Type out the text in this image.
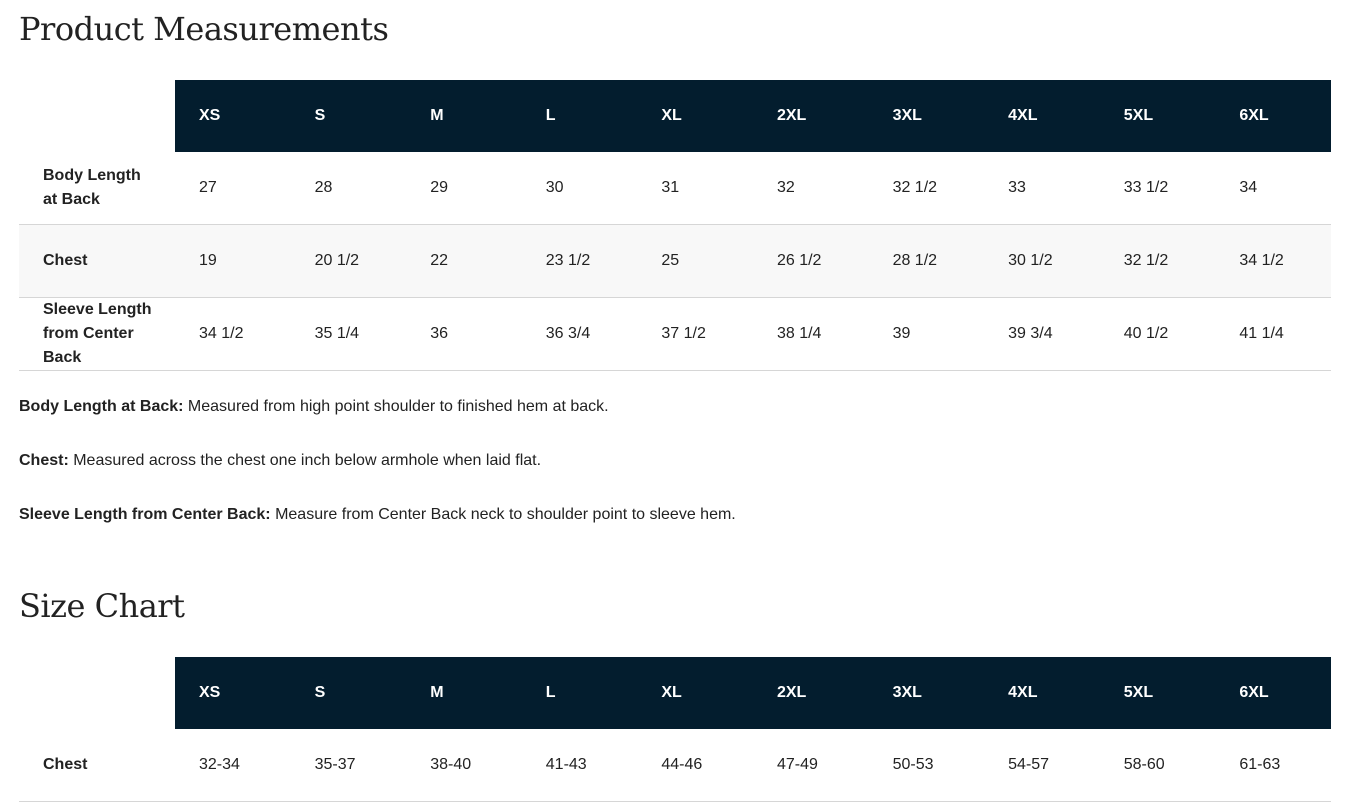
Product Measurements
	XS	S	M	L	XL	2XL	3XL	4XL	5XL	6XL
Body Length at Back	27	28	29	30	31	32	32 1/2	33	33 1/2	34
Chest	19	20 1/2	22	23 1/2	25	26 1/2	28 1/2	30 1/2	32 1/2	34 1/2
Sleeve Length from Center Back	34 1/2	35 1/4	36	36 3/4	37 1/2	38 1/4	39	39 3/4	40 1/2	41 1/4

Body Length at Back: Measured from high point shoulder to finished hem at back.

Chest: Measured across the chest one inch below armhole when laid flat.

Sleeve Length from Center Back: Measure from Center Back neck to shoulder point to sleeve hem.

Size Chart
	XS	S	M	L	XL	2XL	3XL	4XL	5XL	6XL
Chest	32-34	35-37	38-40	41-43	44-46	47-49	50-53	54-57	58-60	61-63
